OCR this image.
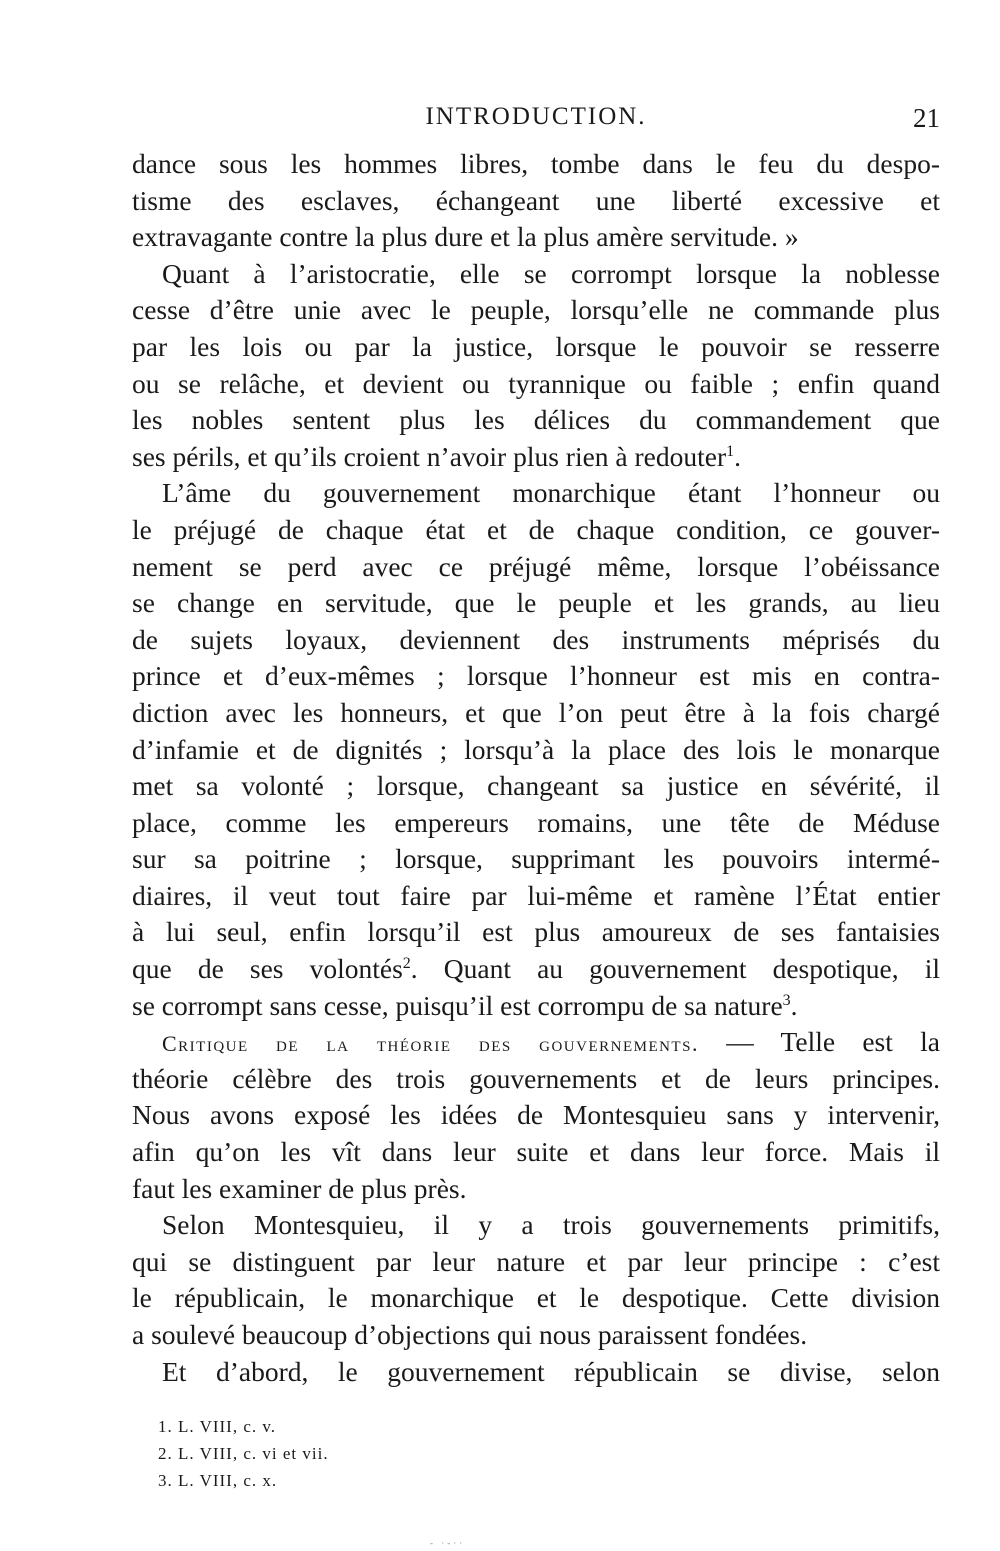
INTRODUCTION.	21
dance sous les hommes libres, tombe dans le feu du despo-
tisme des esclaves, échangeant une liberté excessive et
extravagante contre la plus dure et la plus amère servitude. »
Quant à l’aristocratie, elle se corrompt lorsque la noblesse
cesse d’être unie avec le peuple, lorsqu’elle ne commande plus
par les lois ou par la justice, lorsque le pouvoir se resserre
ou se relâche, et devient ou tyrannique ou faible ; enfin quand
les nobles sentent plus les délices du commandement que
ses périls, et qu’ils croient n’avoir plus rien à redouter$^1$.
L’âme du gouvernement monarchique étant l’honneur ou
le préjugé de chaque état et de chaque condition, ce gouver-
nement se perd avec ce préjugé même, lorsque l’obéissance
se change en servitude, que le peuple et les grands, au lieu
de sujets loyaux, deviennent des instruments méprisés du
prince et d’eux-mêmes ; lorsque l’honneur est mis en contra-
diction avec les honneurs, et que l’on peut être à la fois chargé
d’infamie et de dignités ; lorsqu’à la place des lois le monarque
met sa volonté ; lorsque, changeant sa justice en sévérité, il
place, comme les empereurs romains, une tête de Méduse
sur sa poitrine ; lorsque, supprimant les pouvoirs intermé-
diaires, il veut tout faire par lui-même et ramène l’État entier
à lui seul, enfin lorsqu’il est plus amoureux de ses fantaisies
que de ses volontés$^2$. Quant au gouvernement despotique, il
se corrompt sans cesse, puisqu’il est corrompu de sa nature$^3$.
Critique de la théorie des gouvernements. — Telle est la
théorie célèbre des trois gouvernements et de leurs principes.
Nous avons exposé les idées de Montesquieu sans y intervenir,
afin qu’on les vît dans leur suite et dans leur force. Mais il
faut les examiner de plus près.
Selon Montesquieu, il y a trois gouvernements primitifs,
qui se distinguent par leur nature et par leur principe : c’est
le républicain, le monarchique et le despotique. Cette division
a soulevé beaucoup d’objections qui nous paraissent fondées.
Et d’abord, le gouvernement républicain se divise, selon
1. L. VIII, c. v.
2. L. VIII, c. vi et vii.
3. L. VIII, c. x.
- ·-··
